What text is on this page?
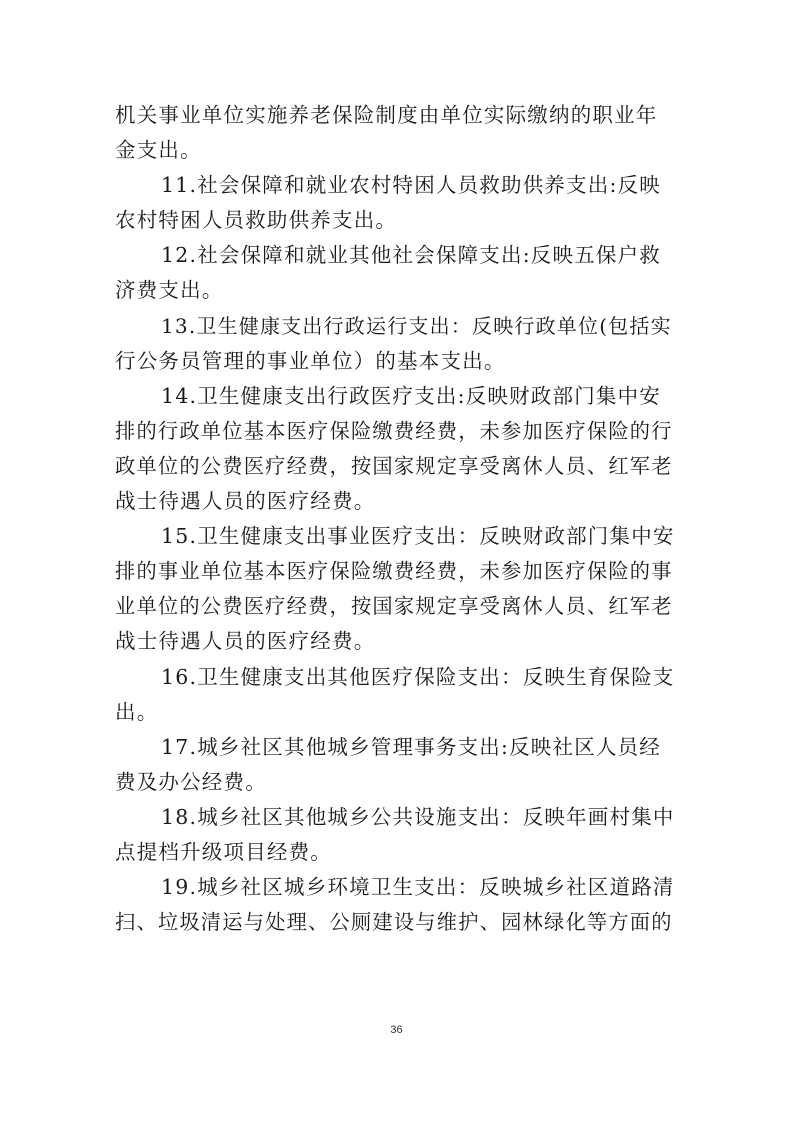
机关事业单位实施养老保险制度由单位实际缴纳的职业年
金支出。
11.社会保障和就业农村特困人员救助供养支出:反映
农村特困人员救助供养支出。
12.社会保障和就业其他社会保障支出:反映五保户救
济费支出。
13.卫生健康支出行政运行支出：反映行政单位(包括实
行公务员管理的事业单位）的基本支出。
14.卫生健康支出行政医疗支出:反映财政部门集中安
排的行政单位基本医疗保险缴费经费，未参加医疗保险的行
政单位的公费医疗经费，按国家规定享受离休人员、红军老
战士待遇人员的医疗经费。
15.卫生健康支出事业医疗支出：反映财政部门集中安
排的事业单位基本医疗保险缴费经费，未参加医疗保险的事
业单位的公费医疗经费，按国家规定享受离休人员、红军老
战士待遇人员的医疗经费。
16.卫生健康支出其他医疗保险支出：反映生育保险支
出。
17.城乡社区其他城乡管理事务支出:反映社区人员经
费及办公经费。
18.城乡社区其他城乡公共设施支出：反映年画村集中
点提档升级项目经费。
19.城乡社区城乡环境卫生支出：反映城乡社区道路清
扫、垃圾清运与处理、公厕建设与维护、园林绿化等方面的
36
